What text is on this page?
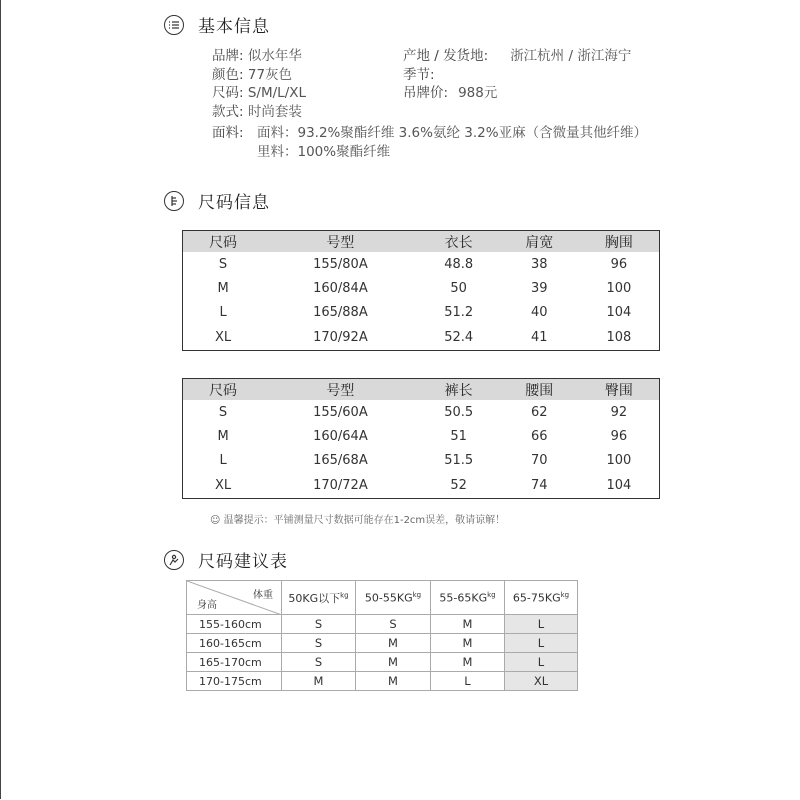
基本信息
品牌: 似水年华
颜色: 77灰色
尺码: S/M/L/XL
款式: 时尚套装
产地 / 发货地: 浙江杭州 / 浙江海宁
季节:
吊牌价: 988元
面料: 面料：93.2%聚酯纤维 3.6%氨纶 3.2%亚麻（含微量其他纤维）
里料：100%聚酯纤维
尺码信息
尺码	号型	衣长	肩宽	胸围
S	155/80A	48.8	38	96
M	160/84A	50	39	100
L	165/88A	51.2	40	104
XL	170/92A	52.4	41	108
尺码	号型	裤长	腰围	臀围
S	155/60A	50.5	62	92
M	160/64A	51	66	96
L	165/68A	51.5	70	100
XL	170/72A	52	74	104
☺ 温馨提示：平铺测量尺寸数据可能存在1-2cm误差，敬请谅解！
尺码建议表
体重
身高	50KG以下$^{kg}$	$50-55KG^{kg}$	$55-65KG^{kg}$	$65-75KG^{kg}$
155-160cm	S	S	M	L
160-165cm	S	M	M	L
165-170cm	S	M	M	L
170-175cm	M	M	L	XL
